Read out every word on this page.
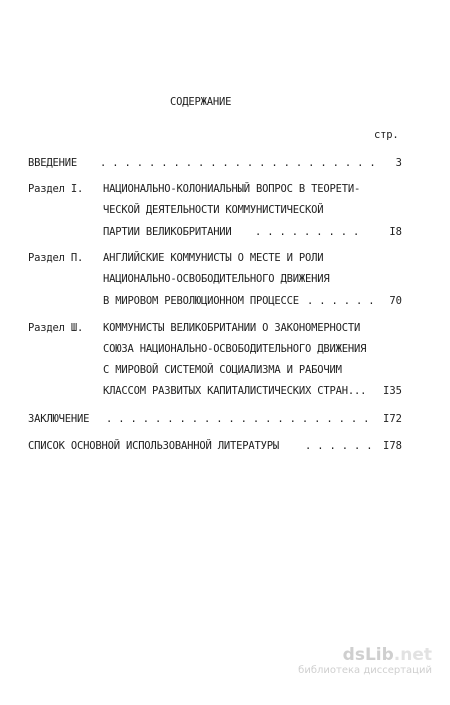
СОДЕРЖАНИЕ
стр.
ВВЕДЕНИЕ . . . . . . . . . . . . . . . . . . . . . . .	3
Раздел I. НАЦИОНАЛЬНО-КОЛОНИАЛЬНЫЙ ВОПРОС В ТЕОРЕТИ-
ЧЕСКОЙ ДЕЯТЕЛЬНОСТИ КОММУНИСТИЧЕСКОЙ
ПАРТИИ ВЕЛИКОБРИТАНИИ . . . . . . . . .	I8
Раздел П. АНГЛИЙСКИЕ КОММУНИСТЫ О МЕСТЕ И РОЛИ
НАЦИОНАЛЬНО-ОСВОБОДИТЕЛЬНОГО ДВИЖЕНИЯ
В МИРОВОМ РЕВОЛЮЦИОННОМ ПРОЦЕССЕ . . . . . .	70
Раздел Ш. КОММУНИСТЫ ВЕЛИКОБРИТАНИИ О ЗАКОНОМЕРНОСТИ
СОЮЗА НАЦИОНАЛЬНО-ОСВОБОДИТЕЛЬНОГО ДВИЖЕНИЯ
С МИРОВОЙ СИСТЕМОЙ СОЦИАЛИЗМА И РАБОЧИМ
КЛАССОМ РАЗВИТЫХ КАПИТАЛИСТИЧЕСКИХ СТРАН...	I35
ЗАКЛЮЧЕНИЕ . . . . . . . . . . . . . . . . . . . . . .	I72
СПИСОК ОСНОВНОЙ ИСПОЛЬЗОВАННОЙ ЛИТЕРАТУРЫ . . . . . .	I78
dsLib.net
библиотека диссертаций
